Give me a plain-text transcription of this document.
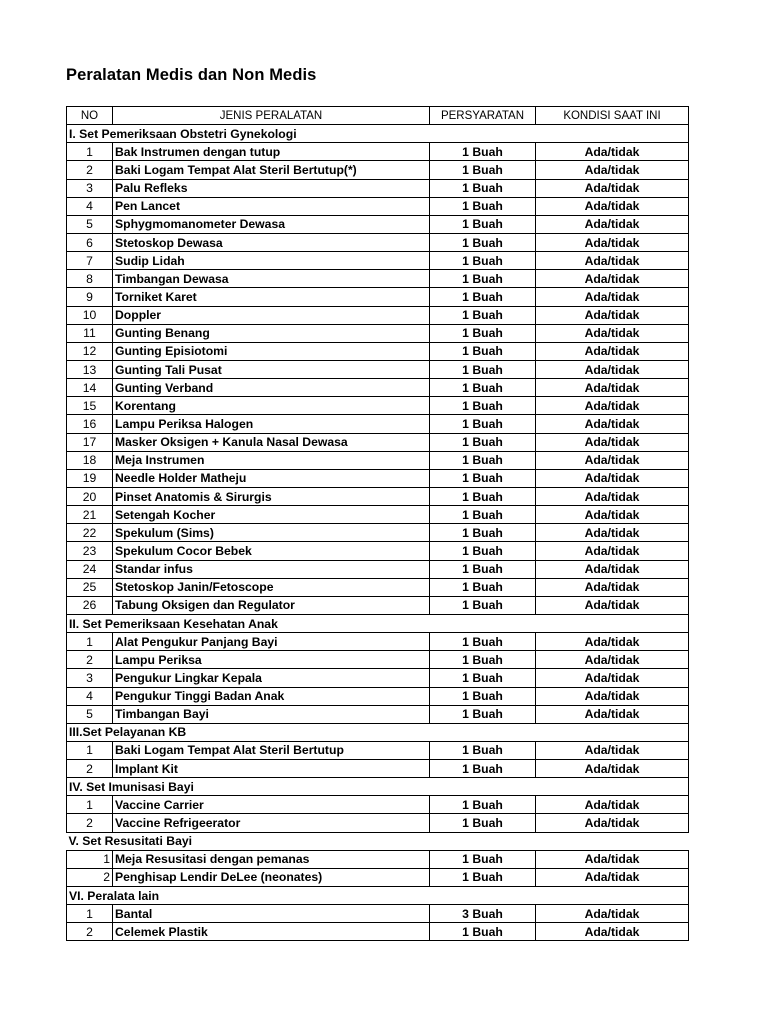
Peralatan Medis dan Non Medis
NO	JENIS PERALATAN	PERSYARATAN	KONDISI SAAT INI
I. Set Pemeriksaan Obstetri Gynekologi			
1	Bak Instrumen dengan tutup	1 Buah	Ada/tidak
2	Baki Logam Tempat Alat Steril Bertutup(*)	1 Buah	Ada/tidak
3	Palu Refleks	1 Buah	Ada/tidak
4	Pen Lancet	1 Buah	Ada/tidak
5	Sphygmomanometer Dewasa	1 Buah	Ada/tidak
6	Stetoskop Dewasa	1 Buah	Ada/tidak
7	Sudip Lidah	1 Buah	Ada/tidak
8	Timbangan Dewasa	1 Buah	Ada/tidak
9	Torniket Karet	1 Buah	Ada/tidak
10	Doppler	1 Buah	Ada/tidak
11	Gunting Benang	1 Buah	Ada/tidak
12	Gunting Episiotomi	1 Buah	Ada/tidak
13	Gunting Tali Pusat	1 Buah	Ada/tidak
14	Gunting Verband	1 Buah	Ada/tidak
15	Korentang	1 Buah	Ada/tidak
16	Lampu Periksa Halogen	1 Buah	Ada/tidak
17	Masker Oksigen + Kanula Nasal Dewasa	1 Buah	Ada/tidak
18	Meja Instrumen	1 Buah	Ada/tidak
19	Needle Holder Matheju	1 Buah	Ada/tidak
20	Pinset Anatomis & Sirurgis	1 Buah	Ada/tidak
21	Setengah Kocher	1 Buah	Ada/tidak
22	Spekulum (Sims)	1 Buah	Ada/tidak
23	Spekulum Cocor Bebek	1 Buah	Ada/tidak
24	Standar infus	1 Buah	Ada/tidak
25	Stetoskop Janin/Fetoscope	1 Buah	Ada/tidak
26	Tabung Oksigen dan Regulator	1 Buah	Ada/tidak
II. Set Pemeriksaan Kesehatan Anak			
1	Alat Pengukur Panjang Bayi	1 Buah	Ada/tidak
2	Lampu Periksa	1 Buah	Ada/tidak
3	Pengukur Lingkar Kepala	1 Buah	Ada/tidak
4	Pengukur Tinggi Badan Anak	1 Buah	Ada/tidak
5	Timbangan Bayi	1 Buah	Ada/tidak
III.Set Pelayanan KB			
1	Baki Logam Tempat Alat Steril Bertutup	1 Buah	Ada/tidak
2	Implant Kit	1 Buah	Ada/tidak
IV. Set Imunisasi Bayi			
1	Vaccine Carrier	1 Buah	Ada/tidak
2	Vaccine Refrigeerator	1 Buah	Ada/tidak
V. Set Resusitati Bayi			
1	Meja Resusitasi dengan pemanas	1 Buah	Ada/tidak
2	Penghisap Lendir DeLee (neonates)	1 Buah	Ada/tidak
VI. Peralata lain			
1	Bantal	3 Buah	Ada/tidak
2	Celemek Plastik	1 Buah	Ada/tidak
